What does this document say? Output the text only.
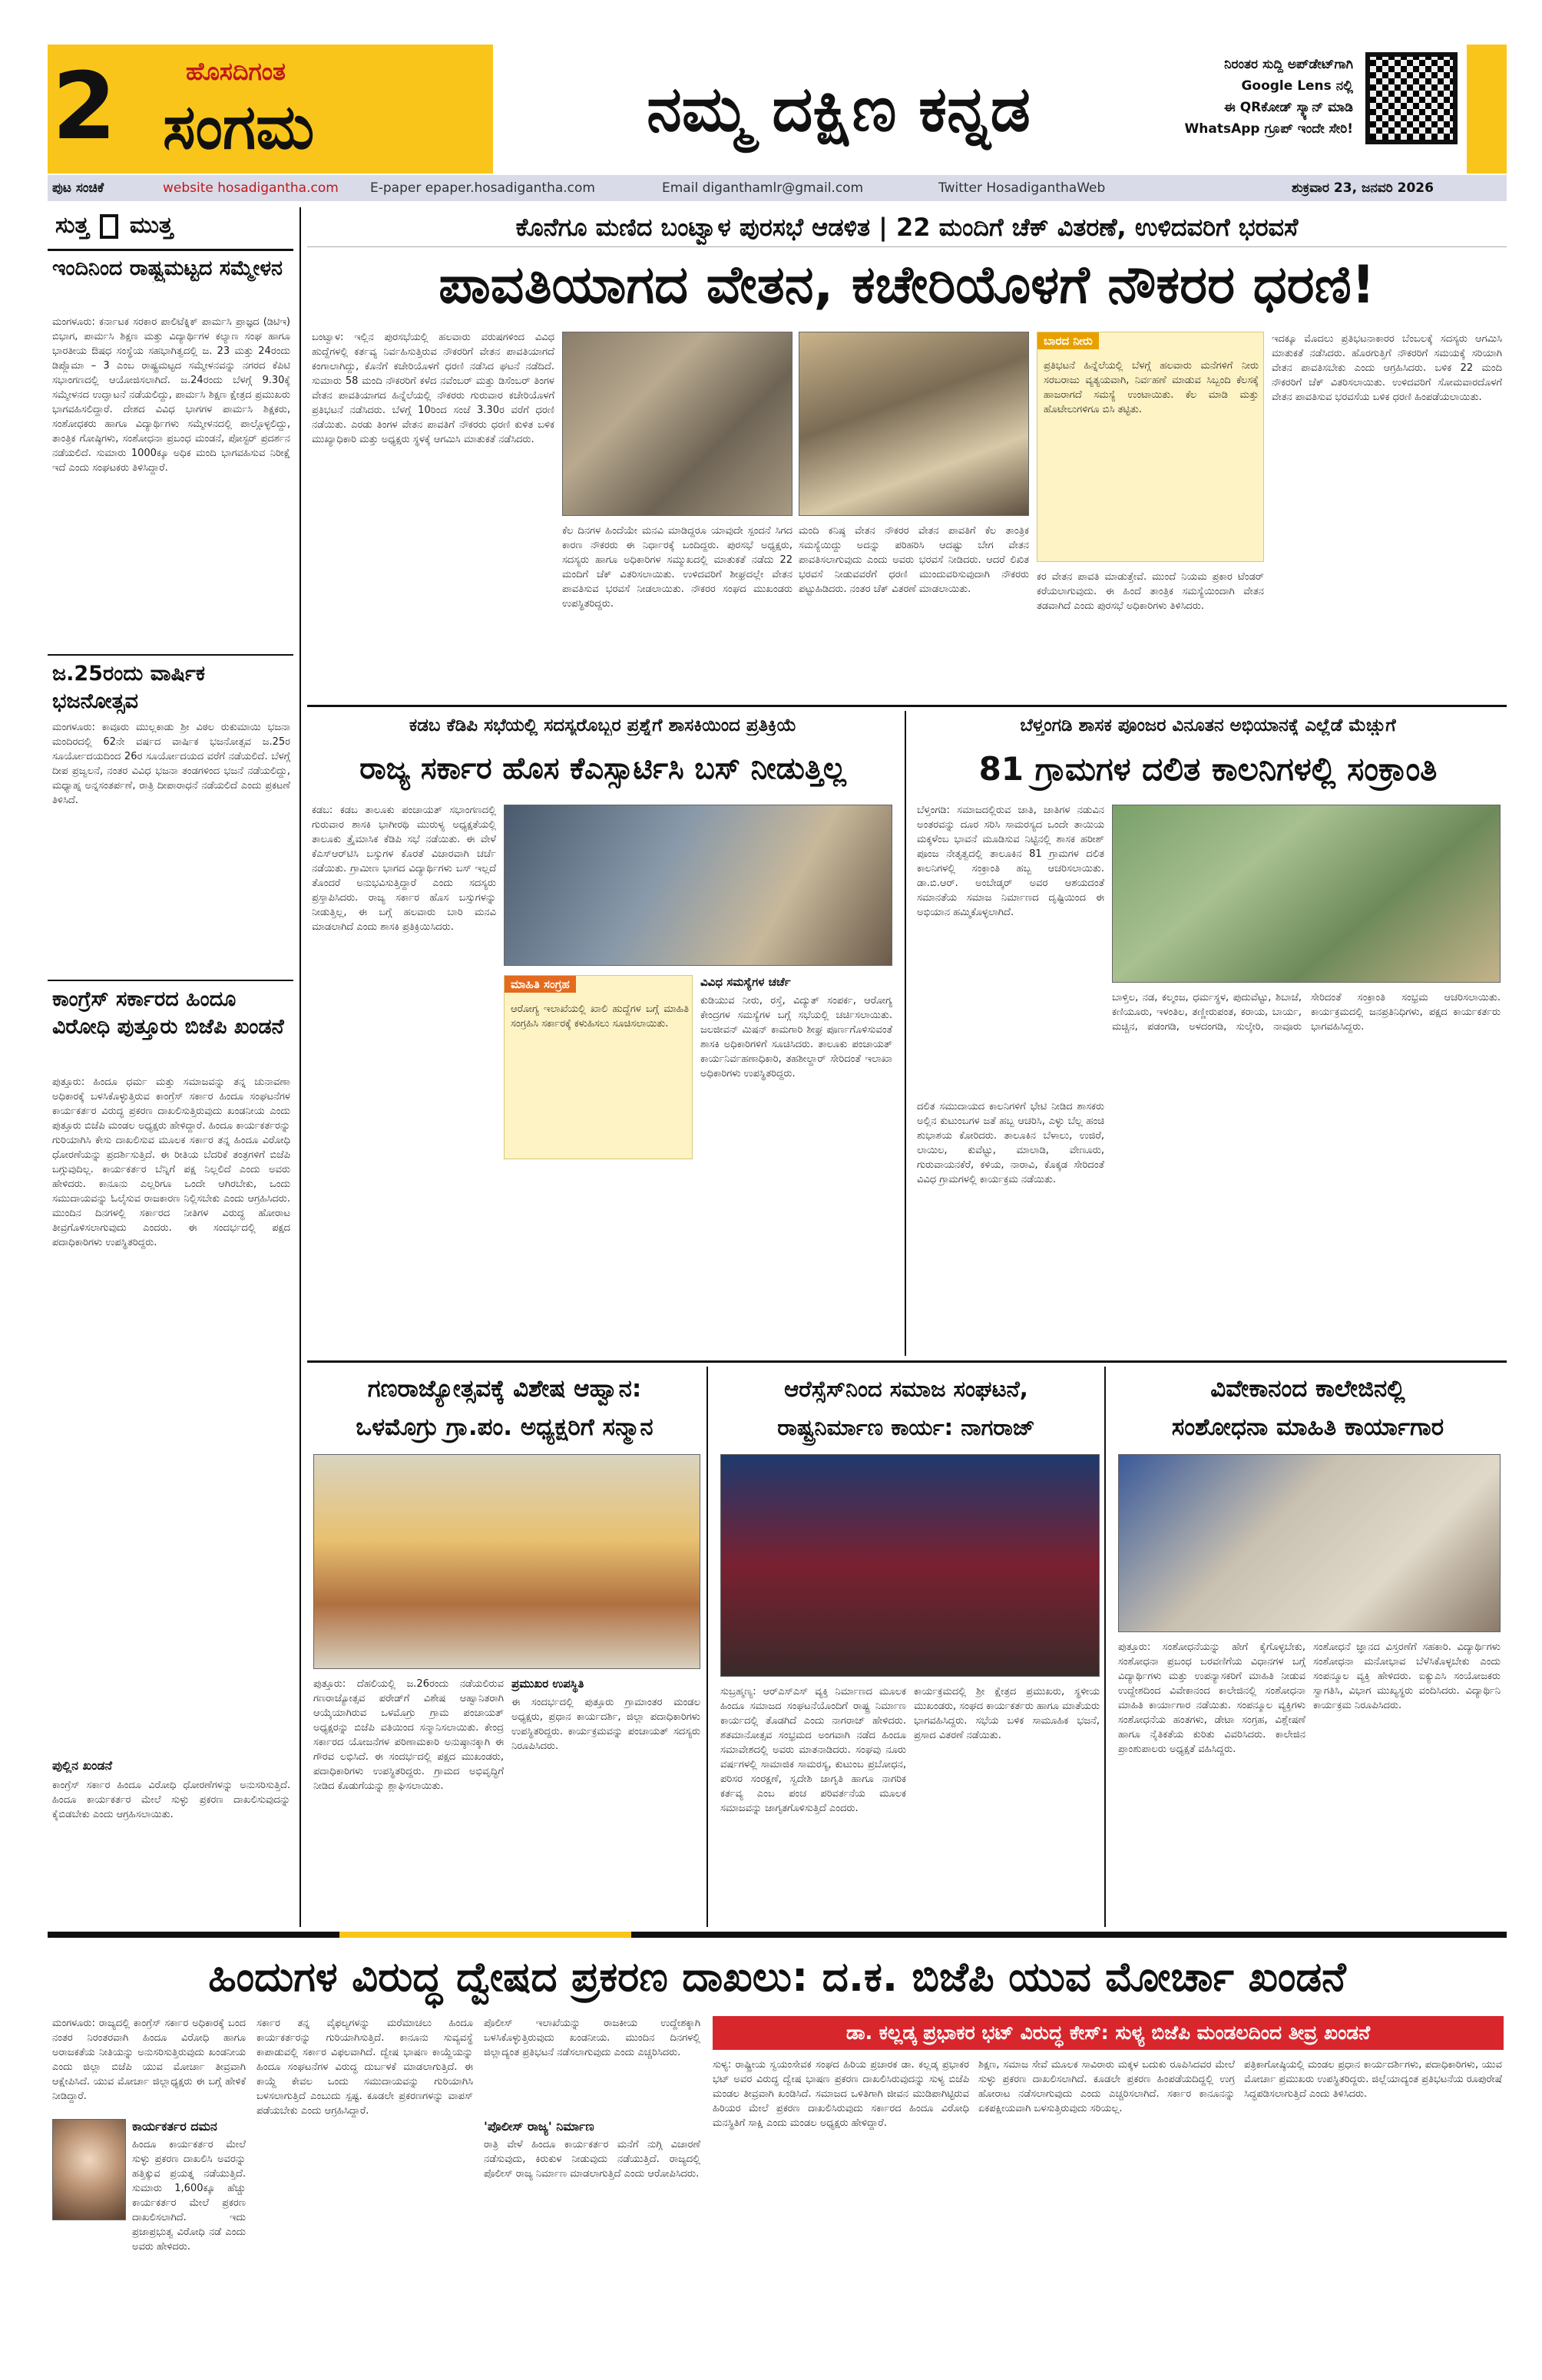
2	ಹೊಸದಿಗಂತ
ಸಂಗಮ	ನಮ್ಮ ದಕ್ಷಿಣ ಕನ್ನಡ
ನಿರಂತರ ಸುದ್ದಿ ಅಪ್‌ಡೇಟ್‌ಗಾಗಿ
Google Lens ನಲ್ಲಿ
ಈ QRಕೋಡ್ ಸ್ಕ್ಯಾನ್ ಮಾಡಿ
WhatsApp ಗ್ರೂಪ್ ಇಂದೇ ಸೇರಿ!
ಪುಟ ಸಂಚಿಕೆ	website hosadigantha.com E-paper epaper.hosadigantha.com	Email diganthamlr@gmail.com	Twitter HosadiganthaWeb	ಶುಕ್ರವಾರ 23, ಜನವರಿ 2026
ಸುತ್ತ ಮುತ್ತ
ಇಂದಿನಿಂದ ರಾಷ್ಟ್ರಮಟ್ಟದ ಸಮ್ಮೇಳನ
ಮಂಗಳೂರು: ಕರ್ನಾಟಕ ಸರಕಾರ ಪಾಲಿಟೆಕ್ನಿಕ್ ಪಾರ್ಮಸಿ ಪ್ರಾಜ್ಞದ (ಡಿಟಿಇ) ಬಿಭಾಗ, ಪಾರ್ಮಸಿ ಶಿಕ್ಷಣ ಮತ್ತು ವಿದ್ಯಾರ್ಥಿಗಳ ಕಲ್ಯಾಣ ಸಂಘ ಹಾಗೂ ಭಾರತೀಯ ಔಷಧ ಸಂಸ್ಥೆಯ ಸಹಭಾಗಿತ್ವದಲ್ಲಿ ಜ. 23 ಮತ್ತು 24ರಂದು ಡಿಪ್ಲೊಮಾ – 3 ಎಂಬ ರಾಷ್ಟ್ರಮಟ್ಟದ ಸಮ್ಮೇಳನವನ್ನು ನಗರದ ಕೆಪಿಟಿ ಸಭಾಂಗಣದಲ್ಲಿ ಆಯೋಜಿಸಲಾಗಿದೆ. ಜ.24ರಂದು ಬೆಳಗ್ಗೆ 9.30ಕ್ಕೆ ಸಮ್ಮೇಳನದ ಉದ್ಘಾಟನೆ ನಡೆಯಲಿದ್ದು, ಪಾರ್ಮಸಿ ಶಿಕ್ಷಣ ಕ್ಷೇತ್ರದ ಪ್ರಮುಖರು ಭಾಗವಹಿಸಲಿದ್ದಾರೆ. ದೇಶದ ವಿವಿಧ ಭಾಗಗಳ ಪಾರ್ಮಸಿ ಶಿಕ್ಷಕರು, ಸಂಶೋಧಕರು ಹಾಗೂ ವಿದ್ಯಾರ್ಥಿಗಳು ಸಮ್ಮೇಳನದಲ್ಲಿ ಪಾಲ್ಗೊಳ್ಳಲಿದ್ದು, ತಾಂತ್ರಿಕ ಗೋಷ್ಠಿಗಳು, ಸಂಶೋಧನಾ ಪ್ರಬಂಧ ಮಂಡನೆ, ಪೋಸ್ಟರ್ ಪ್ರದರ್ಶನ ನಡೆಯಲಿದೆ. ಸುಮಾರು 1000ಕ್ಕೂ ಅಧಿಕ ಮಂದಿ ಭಾಗವಹಿಸುವ ನಿರೀಕ್ಷೆ ಇದೆ ಎಂದು ಸಂಘಟಕರು ತಿಳಿಸಿದ್ದಾರೆ.
ಜ.25ರಂದು ವಾರ್ಷಿಕ ಭಜನೋತ್ಸವ
ಮಂಗಳೂರು: ಕಾವೂರು ಮುಲ್ಲಕಾಡು ಶ್ರೀ ವಿಠಲ ರುಕುಮಾಯಿ ಭಜನಾ ಮಂದಿರದಲ್ಲಿ 62ನೇ ವರ್ಷದ ವಾರ್ಷಿಕ ಭಜನೋತ್ಸವ ಜ.25ರ ಸೂರ್ಯೋದಯದಿಂದ 26ರ ಸೂರ್ಯೋದಯದ ವರೆಗೆ ನಡೆಯಲಿದೆ. ಬೆಳಗ್ಗೆ ದೀಪ ಪ್ರಜ್ವಲನೆ, ನಂತರ ವಿವಿಧ ಭಜನಾ ತಂಡಗಳಿಂದ ಭಜನೆ ನಡೆಯಲಿದ್ದು, ಮಧ್ಯಾಹ್ನ ಅನ್ನಸಂತರ್ಪಣೆ, ರಾತ್ರಿ ದೀಪಾರಾಧನೆ ನಡೆಯಲಿದೆ ಎಂದು ಪ್ರಕಟಣೆ ತಿಳಿಸಿದೆ.
ಕಾಂಗ್ರೆಸ್ ಸರ್ಕಾರದ ಹಿಂದೂ ವಿರೋಧಿ ಪುತ್ತೂರು ಬಿಜೆಪಿ ಖಂಡನೆ
ಪುತ್ತೂರು: ಹಿಂದೂ ಧರ್ಮ ಮತ್ತು ಸಮಾಜವನ್ನು ತನ್ನ ಚುನಾವಣಾ ಅಧಿಕಾರಕ್ಕೆ ಬಳಸಿಕೊಳ್ಳುತ್ತಿರುವ ಕಾಂಗ್ರೆಸ್ ಸರ್ಕಾರ ಹಿಂದೂ ಸಂಘಟನೆಗಳ ಕಾರ್ಯಕರ್ತರ ವಿರುದ್ಧ ಪ್ರಕರಣ ದಾಖಲಿಸುತ್ತಿರುವುದು ಖಂಡನೀಯ ಎಂದು ಪುತ್ತೂರು ಬಿಜೆಪಿ ಮಂಡಲ ಅಧ್ಯಕ್ಷರು ಹೇಳಿದ್ದಾರೆ. ಹಿಂದೂ ಕಾರ್ಯಕರ್ತರನ್ನು ಗುರಿಯಾಗಿಸಿ ಕೇಸು ದಾಖಲಿಸುವ ಮೂಲಕ ಸರ್ಕಾರ ತನ್ನ ಹಿಂದೂ ವಿರೋಧಿ ಧೋರಣೆಯನ್ನು ಪ್ರದರ್ಶಿಸುತ್ತಿದೆ. ಈ ರೀತಿಯ ಬೆದರಿಕೆ ತಂತ್ರಗಳಿಗೆ ಬಿಜೆಪಿ ಬಗ್ಗುವುದಿಲ್ಲ. ಕಾರ್ಯಕರ್ತರ ಬೆನ್ನಿಗೆ ಪಕ್ಷ ನಿಲ್ಲಲಿದೆ ಎಂದು ಅವರು ಹೇಳಿದರು. ಕಾನೂನು ಎಲ್ಲರಿಗೂ ಒಂದೇ ಆಗಿರಬೇಕು, ಒಂದು ಸಮುದಾಯವನ್ನು ಓಲೈಸುವ ರಾಜಕಾರಣ ನಿಲ್ಲಿಸಬೇಕು ಎಂದು ಆಗ್ರಹಿಸಿದರು. ಮುಂದಿನ ದಿನಗಳಲ್ಲಿ ಸರ್ಕಾರದ ನೀತಿಗಳ ವಿರುದ್ಧ ಹೋರಾಟ ತೀವ್ರಗೊಳಿಸಲಾಗುವುದು ಎಂದರು. ಈ ಸಂದರ್ಭದಲ್ಲಿ ಪಕ್ಷದ ಪದಾಧಿಕಾರಿಗಳು ಉಪಸ್ಥಿತರಿದ್ದರು.
ಪುಲ್ಲಿನ ಖಂಡನೆ
ಕಾಂಗ್ರೆಸ್ ಸರ್ಕಾರ ಹಿಂದೂ ವಿರೋಧಿ ಧೋರಣೆಗಳನ್ನು ಅನುಸರಿಸುತ್ತಿದೆ. ಹಿಂದೂ ಕಾರ್ಯಕರ್ತರ ಮೇಲೆ ಸುಳ್ಳು ಪ್ರಕರಣ ದಾಖಲಿಸುವುದನ್ನು ಕೈಬಿಡಬೇಕು ಎಂದು ಆಗ್ರಹಿಸಲಾಯಿತು.
ಕೊನೆಗೂ ಮಣಿದ ಬಂಟ್ವಾಳ ಪುರಸಭೆ ಆಡಳಿತ | 22 ಮಂದಿಗೆ ಚೆಕ್ ವಿತರಣೆ, ಉಳಿದವರಿಗೆ ಭರವಸೆ
ಪಾವತಿಯಾಗದ ವೇತನ, ಕಚೇರಿಯೊಳಗೆ ನೌಕರರ ಧರಣಿ!
ಬಂಟ್ವಾಳ: ಇಲ್ಲಿನ ಪುರಸಭೆಯಲ್ಲಿ ಹಲವಾರು ವರುಷಗಳಿಂದ ವಿವಿಧ ಹುದ್ದೆಗಳಲ್ಲಿ ಕರ್ತವ್ಯ ನಿರ್ವಹಿಸುತ್ತಿರುವ ನೌಕರರಿಗೆ ವೇತನ ಪಾವತಿಯಾಗದೆ ಕಂಗಾಲಾಗಿದ್ದು, ಕೊನೆಗೆ ಕಚೇರಿಯೊಳಗೆ ಧರಣಿ ನಡೆಸಿದ ಘಟನೆ ನಡೆದಿದೆ. ಸುಮಾರು 58 ಮಂದಿ ನೌಕರರಿಗೆ ಕಳೆದ ನವೆಂಬರ್ ಮತ್ತು ಡಿಸೆಂಬರ್ ತಿಂಗಳ ವೇತನ ಪಾವತಿಯಾಗದ ಹಿನ್ನೆಲೆಯಲ್ಲಿ ನೌಕರರು ಗುರುವಾರ ಕಚೇರಿಯೊಳಗೆ ಪ್ರತಿಭಟನೆ ನಡೆಸಿದರು. ಬೆಳಗ್ಗೆ 10ರಿಂದ ಸಂಜೆ 3.30ರ ವರೆಗೆ ಧರಣಿ ನಡೆಯಿತು. ಎರಡು ತಿಂಗಳ ವೇತನ ಪಾವತಿಗೆ ನೌಕರರು ಧರಣಿ ಕುಳಿತ ಬಳಿಕ ಮುಖ್ಯಾಧಿಕಾರಿ ಮತ್ತು ಅಧ್ಯಕ್ಷರು ಸ್ಥಳಕ್ಕೆ ಆಗಮಿಸಿ ಮಾತುಕತೆ ನಡೆಸಿದರು.
ಕೆಲ ದಿನಗಳ ಹಿಂದೆಯೇ ಮನವಿ ಮಾಡಿದ್ದರೂ ಯಾವುದೇ ಸ್ಪಂದನೆ ಸಿಗದ ಕಾರಣ ನೌಕರರು ಈ ನಿರ್ಧಾರಕ್ಕೆ ಬಂದಿದ್ದರು. ಪುರಸಭೆ ಅಧ್ಯಕ್ಷರು, ಸದಸ್ಯರು ಹಾಗೂ ಅಧಿಕಾರಿಗಳ ಸಮ್ಮುಖದಲ್ಲಿ ಮಾತುಕತೆ ನಡೆದು 22 ಮಂದಿಗೆ ಚೆಕ್ ವಿತರಿಸಲಾಯಿತು. ಉಳಿದವರಿಗೆ ಶೀಘ್ರದಲ್ಲೇ ವೇತನ ಪಾವತಿಸುವ ಭರವಸೆ ನೀಡಲಾಯಿತು. ನೌಕರರ ಸಂಘದ ಮುಖಂಡರು ಉಪಸ್ಥಿತರಿದ್ದರು.
ಮಂದಿ ಕನಿಷ್ಠ ವೇತನ ನೌಕರರ ವೇತನ ಪಾವತಿಗೆ ಕೆಲ ತಾಂತ್ರಿಕ ಸಮಸ್ಯೆಯಿದ್ದು ಅದನ್ನು ಪರಿಹರಿಸಿ ಆದಷ್ಟು ಬೇಗ ವೇತನ ಪಾವತಿಸಲಾಗುವುದು ಎಂದು ಅವರು ಭರವಸೆ ನೀಡಿದರು. ಆದರೆ ಲಿಖಿತ ಭರವಸೆ ನೀಡುವವರೆಗೆ ಧರಣಿ ಮುಂದುವರಿಸುವುದಾಗಿ ನೌಕರರು ಪಟ್ಟುಹಿಡಿದರು. ನಂತರ ಚೆಕ್ ವಿತರಣೆ ಮಾಡಲಾಯಿತು.
ಬಾರದ ನೀರು
ಪ್ರತಿಭಟನೆ ಹಿನ್ನೆಲೆಯಲ್ಲಿ ಬೆಳಗ್ಗೆ ಹಲವಾರು ಮನೆಗಳಿಗೆ ನೀರು ಸರಬರಾಜು ವ್ಯತ್ಯಯವಾಗಿ, ನಿರ್ವಹಣೆ ಮಾಡುವ ಸಿಬ್ಬಂದಿ ಕೆಲಸಕ್ಕೆ ಹಾಜರಾಗದೆ ಸಮಸ್ಯೆ ಉಂಟಾಯಿತು. ಕೆಲ ಮಾಡಿ ಮತ್ತು ಹೊಟೇಲುಗಳಿಗೂ ಬಿಸಿ ತಟ್ಟಿತು.
ಕರ ವೇತನ ಪಾವತಿ ಮಾಡುತ್ತೇವೆ. ಮುಂದೆ ನಿಯಮ ಪ್ರಕಾರ ಟೆಂಡರ್ ಕರೆಯಲಾಗುವುದು. ಈ ಹಿಂದೆ ತಾಂತ್ರಿಕ ಸಮಸ್ಯೆಯಿಂದಾಗಿ ವೇತನ ತಡವಾಗಿದೆ ಎಂದು ಪುರಸಭೆ ಅಧಿಕಾರಿಗಳು ತಿಳಿಸಿದರು.
ಇದಕ್ಕೂ ಮೊದಲು ಪ್ರತಿಭಟನಾಕಾರರ ಬೆಂಬಲಕ್ಕೆ ಸದಸ್ಯರು ಆಗಮಿಸಿ ಮಾತುಕತೆ ನಡೆಸಿದರು. ಹೊರಗುತ್ತಿಗೆ ನೌಕರರಿಗೆ ಸಮಯಕ್ಕೆ ಸರಿಯಾಗಿ ವೇತನ ಪಾವತಿಸಬೇಕು ಎಂದು ಆಗ್ರಹಿಸಿದರು. ಬಳಿಕ 22 ಮಂದಿ ನೌಕರರಿಗೆ ಚೆಕ್ ವಿತರಿಸಲಾಯಿತು. ಉಳಿದವರಿಗೆ ಸೋಮವಾರದೊಳಗೆ ವೇತನ ಪಾವತಿಸುವ ಭರವಸೆಯ ಬಳಿಕ ಧರಣಿ ಹಿಂಪಡೆಯಲಾಯಿತು.
ಕಡಬ ಕೆಡಿಪಿ ಸಭೆಯಲ್ಲಿ ಸದಸ್ಯರೊಬ್ಬರ ಪ್ರಶ್ನೆಗೆ ಶಾಸಕಿಯಿಂದ ಪ್ರತಿಕ್ರಿಯೆ
ರಾಜ್ಯ ಸರ್ಕಾರ ಹೊಸ ಕೆಎಸ್ಸಾರ್ಟಿಸಿ ಬಸ್ ನೀಡುತ್ತಿಲ್ಲ
ಕಡಬ: ಕಡಬ ತಾಲೂಕು ಪಂಚಾಯತ್ ಸಭಾಂಗಣದಲ್ಲಿ ಗುರುವಾರ ಶಾಸಕಿ ಭಾಗೀರಥಿ ಮುರುಳ್ಯ ಅಧ್ಯಕ್ಷತೆಯಲ್ಲಿ ತಾಲೂಕು ತ್ರೈಮಾಸಿಕ ಕೆಡಿಪಿ ಸಭೆ ನಡೆಯಿತು. ಈ ವೇಳೆ ಕೆಎಸ್ಆರ್‌ಟಿಸಿ ಬಸ್ಸುಗಳ ಕೊರತೆ ವಿಚಾರವಾಗಿ ಚರ್ಚೆ ನಡೆಯಿತು. ಗ್ರಾಮೀಣ ಭಾಗದ ವಿದ್ಯಾರ್ಥಿಗಳು ಬಸ್ ಇಲ್ಲದೆ ತೊಂದರೆ ಅನುಭವಿಸುತ್ತಿದ್ದಾರೆ ಎಂದು ಸದಸ್ಯರು ಪ್ರಸ್ತಾಪಿಸಿದರು. ರಾಜ್ಯ ಸರ್ಕಾರ ಹೊಸ ಬಸ್ಸುಗಳನ್ನು ನೀಡುತ್ತಿಲ್ಲ, ಈ ಬಗ್ಗೆ ಹಲವಾರು ಬಾರಿ ಮನವಿ ಮಾಡಲಾಗಿದೆ ಎಂದು ಶಾಸಕಿ ಪ್ರತಿಕ್ರಿಯಿಸಿದರು.
ಮಾಹಿತಿ ಸಂಗ್ರಹ
ಆರೋಗ್ಯ ಇಲಾಖೆಯಲ್ಲಿ ಖಾಲಿ ಹುದ್ದೆಗಳ ಬಗ್ಗೆ ಮಾಹಿತಿ ಸಂಗ್ರಹಿಸಿ ಸರ್ಕಾರಕ್ಕೆ ಕಳುಹಿಸಲು ಸೂಚಿಸಲಾಯಿತು.
ವಿವಿಧ ಸಮಸ್ಯೆಗಳ ಚರ್ಚೆ
ಕುಡಿಯುವ ನೀರು, ರಸ್ತೆ, ವಿದ್ಯುತ್ ಸಂಪರ್ಕ, ಆರೋಗ್ಯ ಕೇಂದ್ರಗಳ ಸಮಸ್ಯೆಗಳ ಬಗ್ಗೆ ಸಭೆಯಲ್ಲಿ ಚರ್ಚಿಸಲಾಯಿತು. ಜಲಜೀವನ್ ಮಿಷನ್ ಕಾಮಗಾರಿ ಶೀಘ್ರ ಪೂರ್ಣಗೊಳಿಸುವಂತೆ ಶಾಸಕಿ ಅಧಿಕಾರಿಗಳಿಗೆ ಸೂಚಿಸಿದರು. ತಾಲೂಕು ಪಂಚಾಯತ್ ಕಾರ್ಯನಿರ್ವಹಣಾಧಿಕಾರಿ, ತಹಶೀಲ್ದಾರ್ ಸೇರಿದಂತೆ ಇಲಾಖಾ ಅಧಿಕಾರಿಗಳು ಉಪಸ್ಥಿತರಿದ್ದರು.
ಬೆಳ್ತಂಗಡಿ ಶಾಸಕ ಪೂಂಜರ ವಿನೂತನ ಅಭಿಯಾನಕ್ಕೆ ಎಲ್ಲೆಡೆ ಮೆಚ್ಚುಗೆ
81 ಗ್ರಾಮಗಳ ದಲಿತ ಕಾಲನಿಗಳಲ್ಲಿ ಸಂಕ್ರಾಂತಿ
ಬೆಳ್ತಂಗಡಿ: ಸಮಾಜದಲ್ಲಿರುವ ಜಾತಿ, ಜಾತಿಗಳ ನಡುವಿನ ಅಂತರವನ್ನು ದೂರ ಸರಿಸಿ ಸಾಮರಸ್ಯದ ಒಂದೇ ತಾಯಿಯ ಮಕ್ಕಳೆಂಬ ಭಾವನೆ ಮೂಡಿಸುವ ನಿಟ್ಟಿನಲ್ಲಿ ಶಾಸಕ ಹರೀಶ್ ಪೂಂಜ ನೇತೃತ್ವದಲ್ಲಿ ತಾಲೂಕಿನ 81 ಗ್ರಾಮಗಳ ದಲಿತ ಕಾಲನಿಗಳಲ್ಲಿ ಸಂಕ್ರಾಂತಿ ಹಬ್ಬ ಆಚರಿಸಲಾಯಿತು. ಡಾ.ಬಿ.ಆರ್. ಅಂಬೇಡ್ಕರ್ ಅವರ ಆಶಯದಂತೆ ಸಮಾನತೆಯ ಸಮಾಜ ನಿರ್ಮಾಣದ ದೃಷ್ಟಿಯಿಂದ ಈ ಅಭಿಯಾನ ಹಮ್ಮಿಕೊಳ್ಳಲಾಗಿದೆ.
ದಲಿತ ಸಮುದಾಯದ ಕಾಲನಿಗಳಿಗೆ ಭೇಟಿ ನೀಡಿದ ಶಾಸಕರು ಅಲ್ಲಿನ ಕುಟುಂಬಗಳ ಜತೆ ಹಬ್ಬ ಆಚರಿಸಿ, ಎಳ್ಳು ಬೆಲ್ಲ ಹಂಚಿ ಶುಭಾಶಯ ಕೋರಿದರು. ತಾಲೂಕಿನ ಬೆಳಾಲು, ಉಜಿರೆ, ಲಾಯಿಲ, ಕುವೆಟ್ಟು, ಮಾಲಾಡಿ, ವೇಣೂರು, ಗುರುವಾಯನಕೆರೆ, ಕಳಿಯ, ನಾರಾವಿ, ಕೊಕ್ಕಡ ಸೇರಿದಂತೆ ವಿವಿಧ ಗ್ರಾಮಗಳಲ್ಲಿ ಕಾರ್ಯಕ್ರಮ ನಡೆಯಿತು.
ಬಾಳ್ತಿಲ, ನಡ, ಕಲ್ಮಂಜ, ಧರ್ಮಸ್ಥಳ, ಪುದುವೆಟ್ಟು, ಶಿಬಾಜೆ, ಕಣಿಯೂರು, ಇಳಂತಿಲ, ತಣ್ಣೀರುಪಂತ, ಕರಾಯ, ಬಾರ್ಯ, ಮಚ್ಚಿನ, ಪಡಂಗಡಿ, ಅಳದಂಗಡಿ, ಸುಲ್ಕೇರಿ, ನಾವೂರು ಸೇರಿದಂತೆ ಸಂಕ್ರಾಂತಿ ಸಂಭ್ರಮ ಆಚರಿಸಲಾಯಿತು. ಕಾರ್ಯಕ್ರಮದಲ್ಲಿ ಜನಪ್ರತಿನಿಧಿಗಳು, ಪಕ್ಷದ ಕಾರ್ಯಕರ್ತರು ಭಾಗವಹಿಸಿದ್ದರು.
ಗಣರಾಜ್ಯೋತ್ಸವಕ್ಕೆ ವಿಶೇಷ ಆಹ್ವಾನ:
ಒಳಮೊಗ್ರು ಗ್ರಾ.ಪಂ. ಅಧ್ಯಕ್ಷರಿಗೆ ಸನ್ಮಾನ
ಪುತ್ತೂರು: ದೆಹಲಿಯಲ್ಲಿ ಜ.26ರಂದು ನಡೆಯಲಿರುವ ಗಣರಾಜ್ಯೋತ್ಸವ ಪರೇಡ್‌ಗೆ ವಿಶೇಷ ಆಹ್ವಾನಿತರಾಗಿ ಆಯ್ಕೆಯಾಗಿರುವ ಒಳಮೊಗ್ರು ಗ್ರಾಮ ಪಂಚಾಯತ್ ಅಧ್ಯಕ್ಷರನ್ನು ಬಿಜೆಪಿ ವತಿಯಿಂದ ಸನ್ಮಾನಿಸಲಾಯಿತು. ಕೇಂದ್ರ ಸರ್ಕಾರದ ಯೋಜನೆಗಳ ಪರಿಣಾಮಕಾರಿ ಅನುಷ್ಠಾನಕ್ಕಾಗಿ ಈ ಗೌರವ ಲಭಿಸಿದೆ. ಈ ಸಂದರ್ಭದಲ್ಲಿ ಪಕ್ಷದ ಮುಖಂಡರು, ಪದಾಧಿಕಾರಿಗಳು ಉಪಸ್ಥಿತರಿದ್ದರು. ಗ್ರಾಮದ ಅಭಿವೃದ್ಧಿಗೆ ನೀಡಿದ ಕೊಡುಗೆಯನ್ನು ಶ್ಲಾಘಿಸಲಾಯಿತು.
ಪ್ರಮುಖರ ಉಪಸ್ಥಿತಿ
ಈ ಸಂದರ್ಭದಲ್ಲಿ ಪುತ್ತೂರು ಗ್ರಾಮಾಂತರ ಮಂಡಲ ಅಧ್ಯಕ್ಷರು, ಪ್ರಧಾನ ಕಾರ್ಯದರ್ಶಿ, ಜಿಲ್ಲಾ ಪದಾಧಿಕಾರಿಗಳು ಉಪಸ್ಥಿತರಿದ್ದರು. ಕಾರ್ಯಕ್ರಮವನ್ನು ಪಂಚಾಯತ್ ಸದಸ್ಯರು ನಿರೂಪಿಸಿದರು.
ಆರೆಸ್ಸೆಸ್‌ನಿಂದ ಸಮಾಜ ಸಂಘಟನೆ,
ರಾಷ್ಟ್ರನಿರ್ಮಾಣ ಕಾರ್ಯ: ನಾಗರಾಜ್
ಸುಬ್ರಹ್ಮಣ್ಯ: ಆರ್‌ಎಸ್‌ಎಸ್ ವ್ಯಕ್ತಿ ನಿರ್ಮಾಣದ ಮೂಲಕ ಹಿಂದೂ ಸಮಾಜದ ಸಂಘಟನೆಯೊಂದಿಗೆ ರಾಷ್ಟ್ರ ನಿರ್ಮಾಣ ಕಾರ್ಯದಲ್ಲಿ ತೊಡಗಿದೆ ಎಂದು ನಾಗರಾಜ್ ಹೇಳಿದರು. ಶತಮಾನೋತ್ಸವ ಸಂಭ್ರಮದ ಅಂಗವಾಗಿ ನಡೆದ ಹಿಂದೂ ಸಮಾವೇಶದಲ್ಲಿ ಅವರು ಮಾತನಾಡಿದರು. ಸಂಘವು ನೂರು ವರ್ಷಗಳಲ್ಲಿ ಸಾಮಾಜಿಕ ಸಾಮರಸ್ಯ, ಕುಟುಂಬ ಪ್ರಬೋಧನ, ಪರಿಸರ ಸಂರಕ್ಷಣೆ, ಸ್ವದೇಶಿ ಜಾಗೃತಿ ಹಾಗೂ ನಾಗರಿಕ ಕರ್ತವ್ಯ ಎಂಬ ಪಂಚ ಪರಿವರ್ತನೆಯ ಮೂಲಕ ಸಮಾಜವನ್ನು ಜಾಗೃತಗೊಳಿಸುತ್ತಿದೆ ಎಂದರು.
ಕಾರ್ಯಕ್ರಮದಲ್ಲಿ ಶ್ರೀ ಕ್ಷೇತ್ರದ ಪ್ರಮುಖರು, ಸ್ಥಳೀಯ ಮುಖಂಡರು, ಸಂಘದ ಕಾರ್ಯಕರ್ತರು ಹಾಗೂ ಮಾತೆಯರು ಭಾಗವಹಿಸಿದ್ದರು. ಸಭೆಯ ಬಳಿಕ ಸಾಮೂಹಿಕ ಭಜನೆ, ಪ್ರಸಾದ ವಿತರಣೆ ನಡೆಯಿತು.
ವಿವೇಕಾನಂದ ಕಾಲೇಜಿನಲ್ಲಿ
ಸಂಶೋಧನಾ ಮಾಹಿತಿ ಕಾರ್ಯಾಗಾರ
ಪುತ್ತೂರು: ಸಂಶೋಧನೆಯನ್ನು ಹೇಗೆ ಕೈಗೊಳ್ಳಬೇಕು, ಸಂಶೋಧನಾ ಪ್ರಬಂಧ ಬರವಣಿಗೆಯ ವಿಧಾನಗಳ ಬಗ್ಗೆ ವಿದ್ಯಾರ್ಥಿಗಳು ಮತ್ತು ಉಪನ್ಯಾಸಕರಿಗೆ ಮಾಹಿತಿ ನೀಡುವ ಉದ್ದೇಶದಿಂದ ವಿವೇಕಾನಂದ ಕಾಲೇಜಿನಲ್ಲಿ ಸಂಶೋಧನಾ ಮಾಹಿತಿ ಕಾರ್ಯಾಗಾರ ನಡೆಯಿತು. ಸಂಪನ್ಮೂಲ ವ್ಯಕ್ತಿಗಳು ಸಂಶೋಧನೆಯ ಹಂತಗಳು, ಡೇಟಾ ಸಂಗ್ರಹ, ವಿಶ್ಲೇಷಣೆ ಹಾಗೂ ನೈತಿಕತೆಯ ಕುರಿತು ವಿವರಿಸಿದರು. ಕಾಲೇಜಿನ ಪ್ರಾಂಶುಪಾಲರು ಅಧ್ಯಕ್ಷತೆ ವಹಿಸಿದ್ದರು.
ಸಂಶೋಧನೆ ಜ್ಞಾನದ ವಿಸ್ತರಣೆಗೆ ಸಹಕಾರಿ. ವಿದ್ಯಾರ್ಥಿಗಳು ಸಂಶೋಧನಾ ಮನೋಭಾವ ಬೆಳೆಸಿಕೊಳ್ಳಬೇಕು ಎಂದು ಸಂಪನ್ಮೂಲ ವ್ಯಕ್ತಿ ಹೇಳಿದರು. ಐಕ್ಯುಎಸಿ ಸಂಯೋಜಕರು ಸ್ವಾಗತಿಸಿ, ವಿಭಾಗ ಮುಖ್ಯಸ್ಥರು ವಂದಿಸಿದರು. ವಿದ್ಯಾರ್ಥಿನಿ ಕಾರ್ಯಕ್ರಮ ನಿರೂಪಿಸಿದರು.
ಹಿಂದುಗಳ ವಿರುದ್ಧ ದ್ವೇಷದ ಪ್ರಕರಣ ದಾಖಲು: ದ.ಕ. ಬಿಜೆಪಿ ಯುವ ಮೋರ್ಚಾ ಖಂಡನೆ
ಮಂಗಳೂರು: ರಾಜ್ಯದಲ್ಲಿ ಕಾಂಗ್ರೆಸ್ ಸರ್ಕಾರ ಅಧಿಕಾರಕ್ಕೆ ಬಂದ ನಂತರ ನಿರಂತರವಾಗಿ ಹಿಂದೂ ವಿರೋಧಿ ಹಾಗೂ ಅರಾಜಕತೆಯ ನೀತಿಯನ್ನು ಅನುಸರಿಸುತ್ತಿರುವುದು ಖಂಡನೀಯ ಎಂದು ಜಿಲ್ಲಾ ಬಿಜೆಪಿ ಯುವ ಮೋರ್ಚಾ ತೀವ್ರವಾಗಿ ಆಕ್ಷೇಪಿಸಿದೆ. ಯುವ ಮೋರ್ಚಾ ಜಿಲ್ಲಾಧ್ಯಕ್ಷರು ಈ ಬಗ್ಗೆ ಹೇಳಿಕೆ ನೀಡಿದ್ದಾರೆ.
ಕಾರ್ಯಕರ್ತರ ದಮನ
ಹಿಂದೂ ಕಾರ್ಯಕರ್ತರ ಮೇಲೆ ಸುಳ್ಳು ಪ್ರಕರಣ ದಾಖಲಿಸಿ ಅವರನ್ನು ಹತ್ತಿಕ್ಕುವ ಪ್ರಯತ್ನ ನಡೆಯುತ್ತಿದೆ. ಸುಮಾರು 1,600ಕ್ಕೂ ಹೆಚ್ಚು ಕಾರ್ಯಕರ್ತರ ಮೇಲೆ ಪ್ರಕರಣ ದಾಖಲಿಸಲಾಗಿದೆ. ಇದು ಪ್ರಜಾಪ್ರಭುತ್ವ ವಿರೋಧಿ ನಡೆ ಎಂದು ಅವರು ಹೇಳಿದರು.
ಸರ್ಕಾರ ತನ್ನ ವೈಫಲ್ಯಗಳನ್ನು ಮರೆಮಾಚಲು ಹಿಂದೂ ಕಾರ್ಯಕರ್ತರನ್ನು ಗುರಿಯಾಗಿಸುತ್ತಿದೆ. ಕಾನೂನು ಸುವ್ಯವಸ್ಥೆ ಕಾಪಾಡುವಲ್ಲಿ ಸರ್ಕಾರ ವಿಫಲವಾಗಿದೆ. ದ್ವೇಷ ಭಾಷಣ ಕಾಯ್ದೆಯನ್ನು ಹಿಂದೂ ಸಂಘಟನೆಗಳ ವಿರುದ್ಧ ದುರ್ಬಳಕೆ ಮಾಡಲಾಗುತ್ತಿದೆ. ಈ ಕಾಯ್ದೆ ಕೇವಲ ಒಂದು ಸಮುದಾಯವನ್ನು ಗುರಿಯಾಗಿಸಿ ಬಳಸಲಾಗುತ್ತಿದೆ ಎಂಬುದು ಸ್ಪಷ್ಟ. ಕೂಡಲೇ ಪ್ರಕರಣಗಳನ್ನು ವಾಪಸ್ ಪಡೆಯಬೇಕು ಎಂದು ಆಗ್ರಹಿಸಿದ್ದಾರೆ.
ಪೊಲೀಸ್ ಇಲಾಖೆಯನ್ನು ರಾಜಕೀಯ ಉದ್ದೇಶಕ್ಕಾಗಿ ಬಳಸಿಕೊಳ್ಳುತ್ತಿರುವುದು ಖಂಡನೀಯ. ಮುಂದಿನ ದಿನಗಳಲ್ಲಿ ಜಿಲ್ಲಾದ್ಯಂತ ಪ್ರತಿಭಟನೆ ನಡೆಸಲಾಗುವುದು ಎಂದು ಎಚ್ಚರಿಸಿದರು.
'ಪೊಲೀಸ್ ರಾಜ್ಯ' ನಿರ್ಮಾಣ
ರಾತ್ರಿ ವೇಳೆ ಹಿಂದೂ ಕಾರ್ಯಕರ್ತರ ಮನೆಗೆ ನುಗ್ಗಿ ವಿಚಾರಣೆ ನಡೆಸುವುದು, ಕಿರುಕುಳ ನೀಡುವುದು ನಡೆಯುತ್ತಿದೆ. ರಾಜ್ಯದಲ್ಲಿ ಪೊಲೀಸ್ ರಾಜ್ಯ ನಿರ್ಮಾಣ ಮಾಡಲಾಗುತ್ತಿದೆ ಎಂದು ಆರೋಪಿಸಿದರು.
ಡಾ. ಕಲ್ಲಡ್ಕ ಪ್ರಭಾಕರ ಭಟ್ ವಿರುದ್ಧ ಕೇಸ್: ಸುಳ್ಯ ಬಿಜೆಪಿ ಮಂಡಲದಿಂದ ತೀವ್ರ ಖಂಡನೆ
ಸುಳ್ಯ: ರಾಷ್ಟ್ರೀಯ ಸ್ವಯಂಸೇವಕ ಸಂಘದ ಹಿರಿಯ ಪ್ರಚಾರಕ ಡಾ. ಕಲ್ಲಡ್ಕ ಪ್ರಭಾಕರ ಭಟ್ ಅವರ ವಿರುದ್ಧ ದ್ವೇಷ ಭಾಷಣ ಪ್ರಕರಣ ದಾಖಲಿಸಿರುವುದನ್ನು ಸುಳ್ಯ ಬಿಜೆಪಿ ಮಂಡಲ ತೀವ್ರವಾಗಿ ಖಂಡಿಸಿದೆ. ಸಮಾಜದ ಒಳಿತಿಗಾಗಿ ಜೀವನ ಮುಡಿಪಾಗಿಟ್ಟಿರುವ ಹಿರಿಯರ ಮೇಲೆ ಪ್ರಕರಣ ದಾಖಲಿಸಿರುವುದು ಸರ್ಕಾರದ ಹಿಂದೂ ವಿರೋಧಿ ಮನಸ್ಥಿತಿಗೆ ಸಾಕ್ಷಿ ಎಂದು ಮಂಡಲ ಅಧ್ಯಕ್ಷರು ಹೇಳಿದ್ದಾರೆ.
ಶಿಕ್ಷಣ, ಸಮಾಜ ಸೇವೆ ಮೂಲಕ ಸಾವಿರಾರು ಮಕ್ಕಳ ಬದುಕು ರೂಪಿಸಿದವರ ಮೇಲೆ ಸುಳ್ಳು ಪ್ರಕರಣ ದಾಖಲಿಸಲಾಗಿದೆ. ಕೂಡಲೇ ಪ್ರಕರಣ ಹಿಂಪಡೆಯದಿದ್ದಲ್ಲಿ ಉಗ್ರ ಹೋರಾಟ ನಡೆಸಲಾಗುವುದು ಎಂದು ಎಚ್ಚರಿಸಲಾಗಿದೆ. ಸರ್ಕಾರ ಕಾನೂನನ್ನು ಏಕಪಕ್ಷೀಯವಾಗಿ ಬಳಸುತ್ತಿರುವುದು ಸರಿಯಲ್ಲ.
ಪತ್ರಿಕಾಗೋಷ್ಠಿಯಲ್ಲಿ ಮಂಡಲ ಪ್ರಧಾನ ಕಾರ್ಯದರ್ಶಿಗಳು, ಪದಾಧಿಕಾರಿಗಳು, ಯುವ ಮೋರ್ಚಾ ಪ್ರಮುಖರು ಉಪಸ್ಥಿತರಿದ್ದರು. ಜಿಲ್ಲೆಯಾದ್ಯಂತ ಪ್ರತಿಭಟನೆಯ ರೂಪುರೇಷೆ ಸಿದ್ಧಪಡಿಸಲಾಗುತ್ತಿದೆ ಎಂದು ತಿಳಿಸಿದರು.
